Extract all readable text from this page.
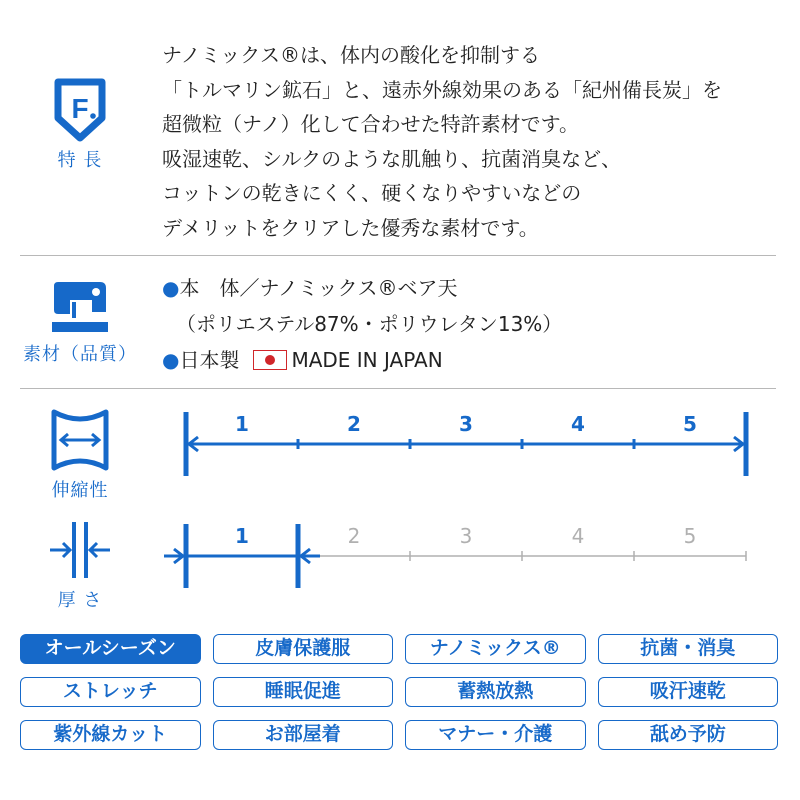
F
特 長
ナノミックス®は、体内の酸化を抑制する
「トルマリン鉱石」と、遠赤外線効果のある「紀州備長炭」を
超微粒（ナノ）化して合わせた特許素材です。
吸湿速乾、シルクのような肌触り、抗菌消臭など、
コットンの乾きにくく、硬くなりやすいなどの
デメリットをクリアした優秀な素材です。
素材（品質）
●本　体／ナノミックス®ベア天
（ポリエステル87%・ポリウレタン13%）
●日本製	MADE IN JAPAN
伸縮性
1	2	3	4	5
厚 さ
1	2	3	4	5
オールシーズン	皮膚保護服	ナノミックス®	抗菌・消臭
ストレッチ	睡眠促進	蓄熱放熱	吸汗速乾
紫外線カット	お部屋着	マナー・介護	舐め予防
